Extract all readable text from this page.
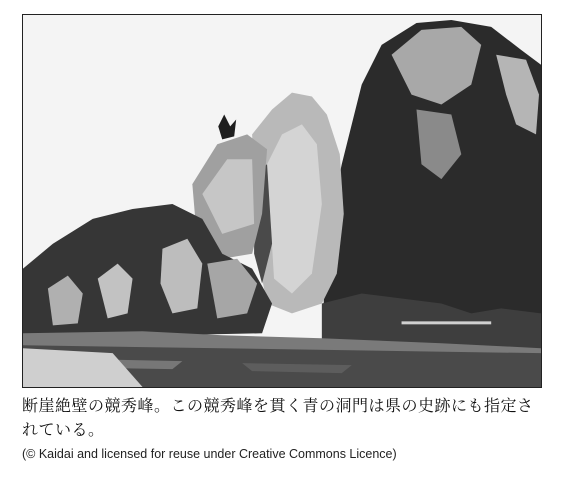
断崖絶壁の競秀峰。この競秀峰を貫く青の洞門は県の史跡にも指定されている。
(© Kaidai and licensed for reuse under Creative Commons Licence)
